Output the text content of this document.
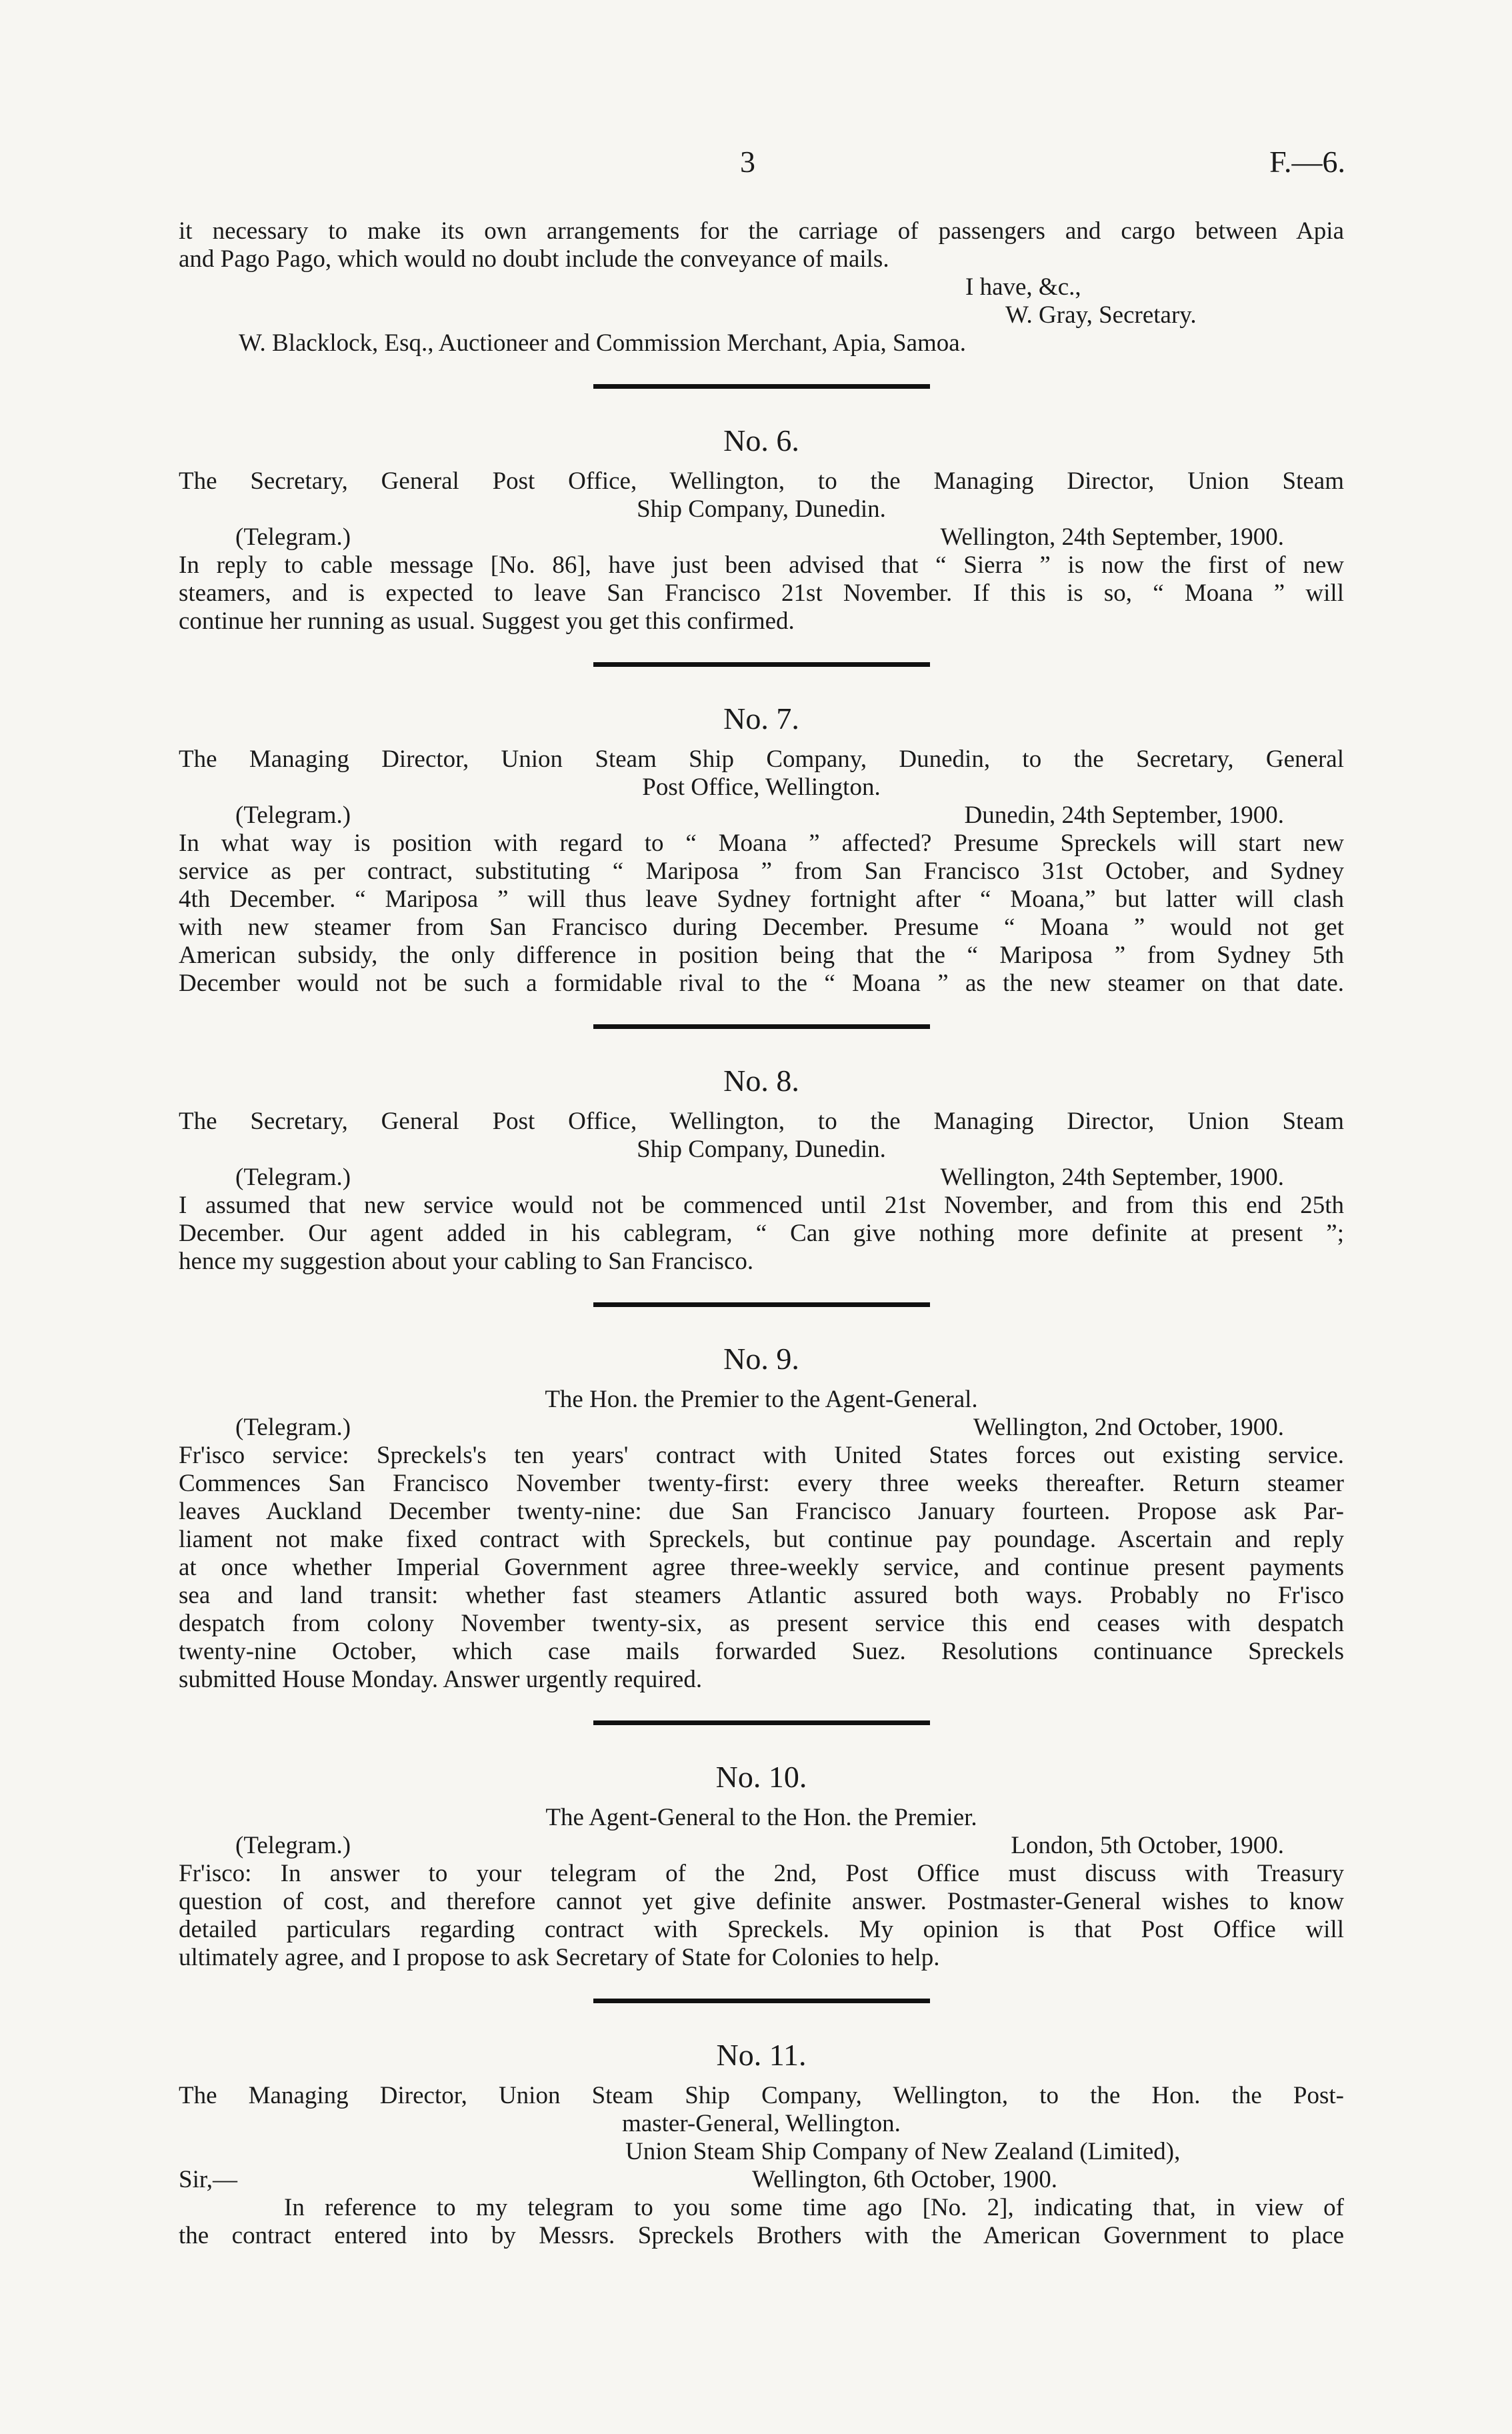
3	F.—6.

it necessary to make its own arrangements for the carriage of passengers and cargo between Apia

and Pago Pago, which would no doubt include the conveyance of mails.

I have, &c.,

W. Gray, Secretary.

W. Blacklock, Esq., Auctioneer and Commission Merchant, Apia, Samoa.

No. 6.

The Secretary, General Post Office, Wellington, to the Managing Director, Union Steam

Ship Company, Dunedin.

(Telegram.)	Wellington, 24th September, 1900.

In reply to cable message [No. 86], have just been advised that “ Sierra ” is now the first of new

steamers, and is expected to leave San Francisco 21st November. If this is so, “ Moana ” will

continue her running as usual. Suggest you get this confirmed.

No. 7.

The Managing Director, Union Steam Ship Company, Dunedin, to the Secretary, General

Post Office, Wellington.

(Telegram.)	Dunedin, 24th September, 1900.

In what way is position with regard to “ Moana ” affected? Presume Spreckels will start new

service as per contract, substituting “ Mariposa ” from San Francisco 31st October, and Sydney

4th December. “ Mariposa ” will thus leave Sydney fortnight after “ Moana,” but latter will clash

with new steamer from San Francisco during December. Presume “ Moana ” would not get

American subsidy, the only difference in position being that the “ Mariposa ” from Sydney 5th

December would not be such a formidable rival to the “ Moana ” as the new steamer on that date.

No. 8.

The Secretary, General Post Office, Wellington, to the Managing Director, Union Steam

Ship Company, Dunedin.

(Telegram.)	Wellington, 24th September, 1900.

I assumed that new service would not be commenced until 21st November, and from this end 25th

December. Our agent added in his cablegram, “ Can give nothing more definite at present ”;

hence my suggestion about your cabling to San Francisco.

No. 9.

The Hon. the Premier to the Agent-General.

(Telegram.)	Wellington, 2nd October, 1900.

Fr'isco service: Spreckels's ten years' contract with United States forces out existing service.

Commences San Francisco November twenty-first: every three weeks thereafter. Return steamer

leaves Auckland December twenty-nine: due San Francisco January fourteen. Propose ask Par-

liament not make fixed contract with Spreckels, but continue pay poundage. Ascertain and reply

at once whether Imperial Government agree three-weekly service, and continue present payments

sea and land transit: whether fast steamers Atlantic assured both ways. Probably no Fr'isco

despatch from colony November twenty-six, as present service this end ceases with despatch

twenty-nine October, which case mails forwarded Suez. Resolutions continuance Spreckels

submitted House Monday. Answer urgently required.

No. 10.

The Agent-General to the Hon. the Premier.

(Telegram.)	London, 5th October, 1900.

Fr'isco: In answer to your telegram of the 2nd, Post Office must discuss with Treasury

question of cost, and therefore cannot yet give definite answer. Postmaster-General wishes to know

detailed particulars regarding contract with Spreckels. My opinion is that Post Office will

ultimately agree, and I propose to ask Secretary of State for Colonies to help.

No. 11.

The Managing Director, Union Steam Ship Company, Wellington, to the Hon. the Post-

master-General, Wellington.

Union Steam Ship Company of New Zealand (Limited),

Sir,—	Wellington, 6th October, 1900.

In reference to my telegram to you some time ago [No. 2], indicating that, in view of

the contract entered into by Messrs. Spreckels Brothers with the American Government to place
